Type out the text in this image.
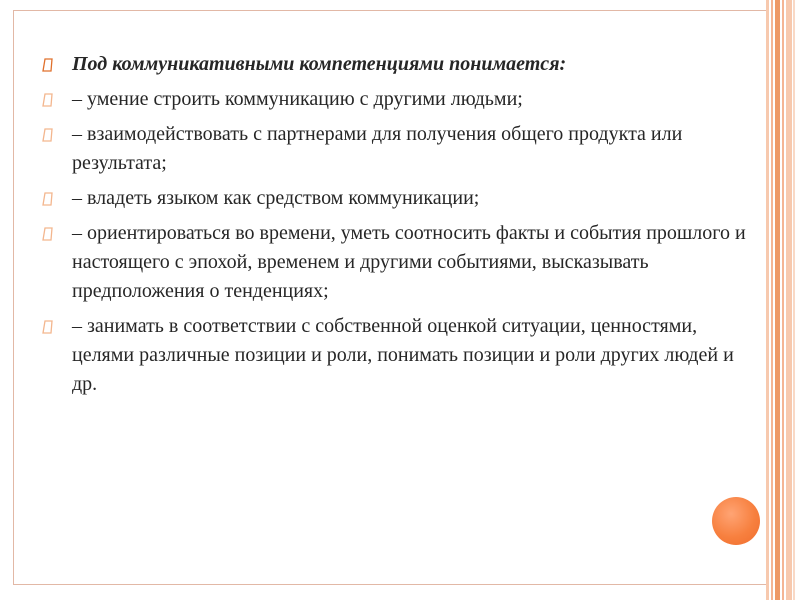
Под коммуникативными компетенциями понимается:
– умение строить коммуникацию с другими людьми;
– взаимодействовать с партнерами для получения общего продукта или результата;
– владеть языком как средством коммуникации;
– ориентироваться во времени, уметь соотносить факты и события прошлого и настоящего с эпохой, временем и другими событиями, высказывать предположения о тенденциях;
– занимать в соответствии с собственной оценкой ситуации, ценностями, целями различные позиции и роли, понимать позиции и роли других людей и др.
